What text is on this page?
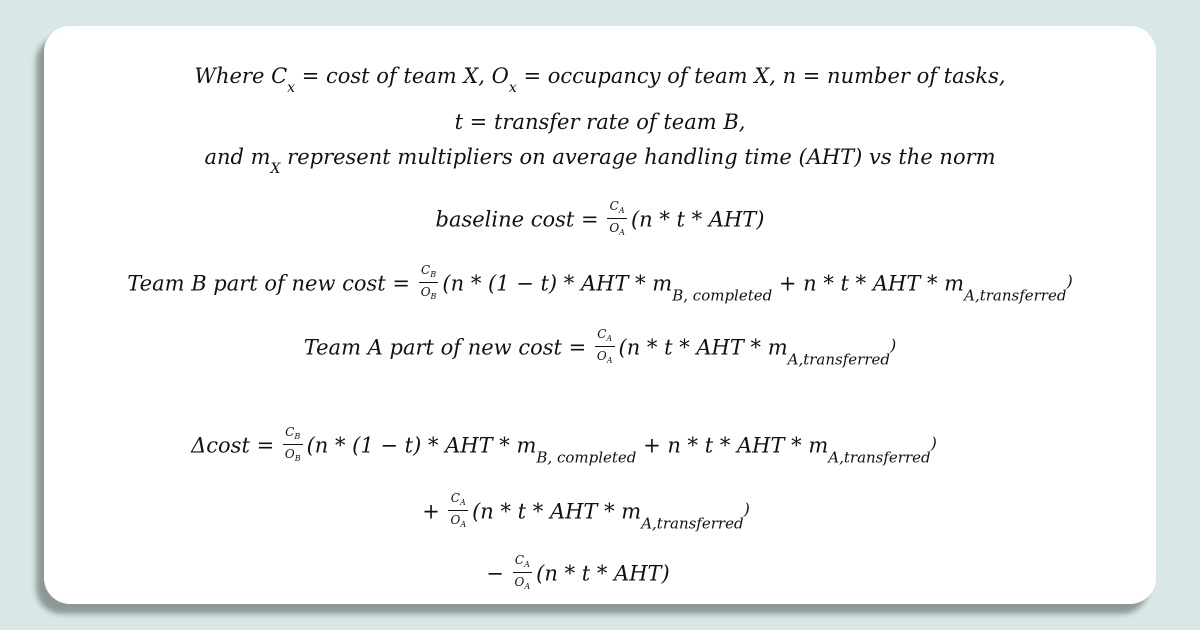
Where $C_x = \cos t$ of team X, $O_x$ = occupancy of team X, n = number of tasks,
t = transfer rate of team B,
and $m_X$ represent multipliers on average handling time (AHT) vs the norm
baseline $\cos t = \frac{C_A}{O_A} (n * t * AHT)$
Team B part of new $\cos t = \frac{C_B}{O_B} (n * (1 - t)$ * AHT * $m_{B, completed} + n * t$ * AHT * $m_{A,transferred}$)
Team A part of new $\cos t = \frac{C_A}{O_A} (n * t$ * AHT * $m_{A,transferred}$)
$\Delta\cos t = \frac{C_B}{O_B} (n * (1 - t)$ * AHT * $m_{B, completed} + n * t$ * AHT * $m_{A,transferred}$)
+ $\frac{C_A}{O_A} (n$ * t * AHT * $m_{A,transferred}$)
− $\frac{C_A}{O_A} (n$ * t * AHT)
